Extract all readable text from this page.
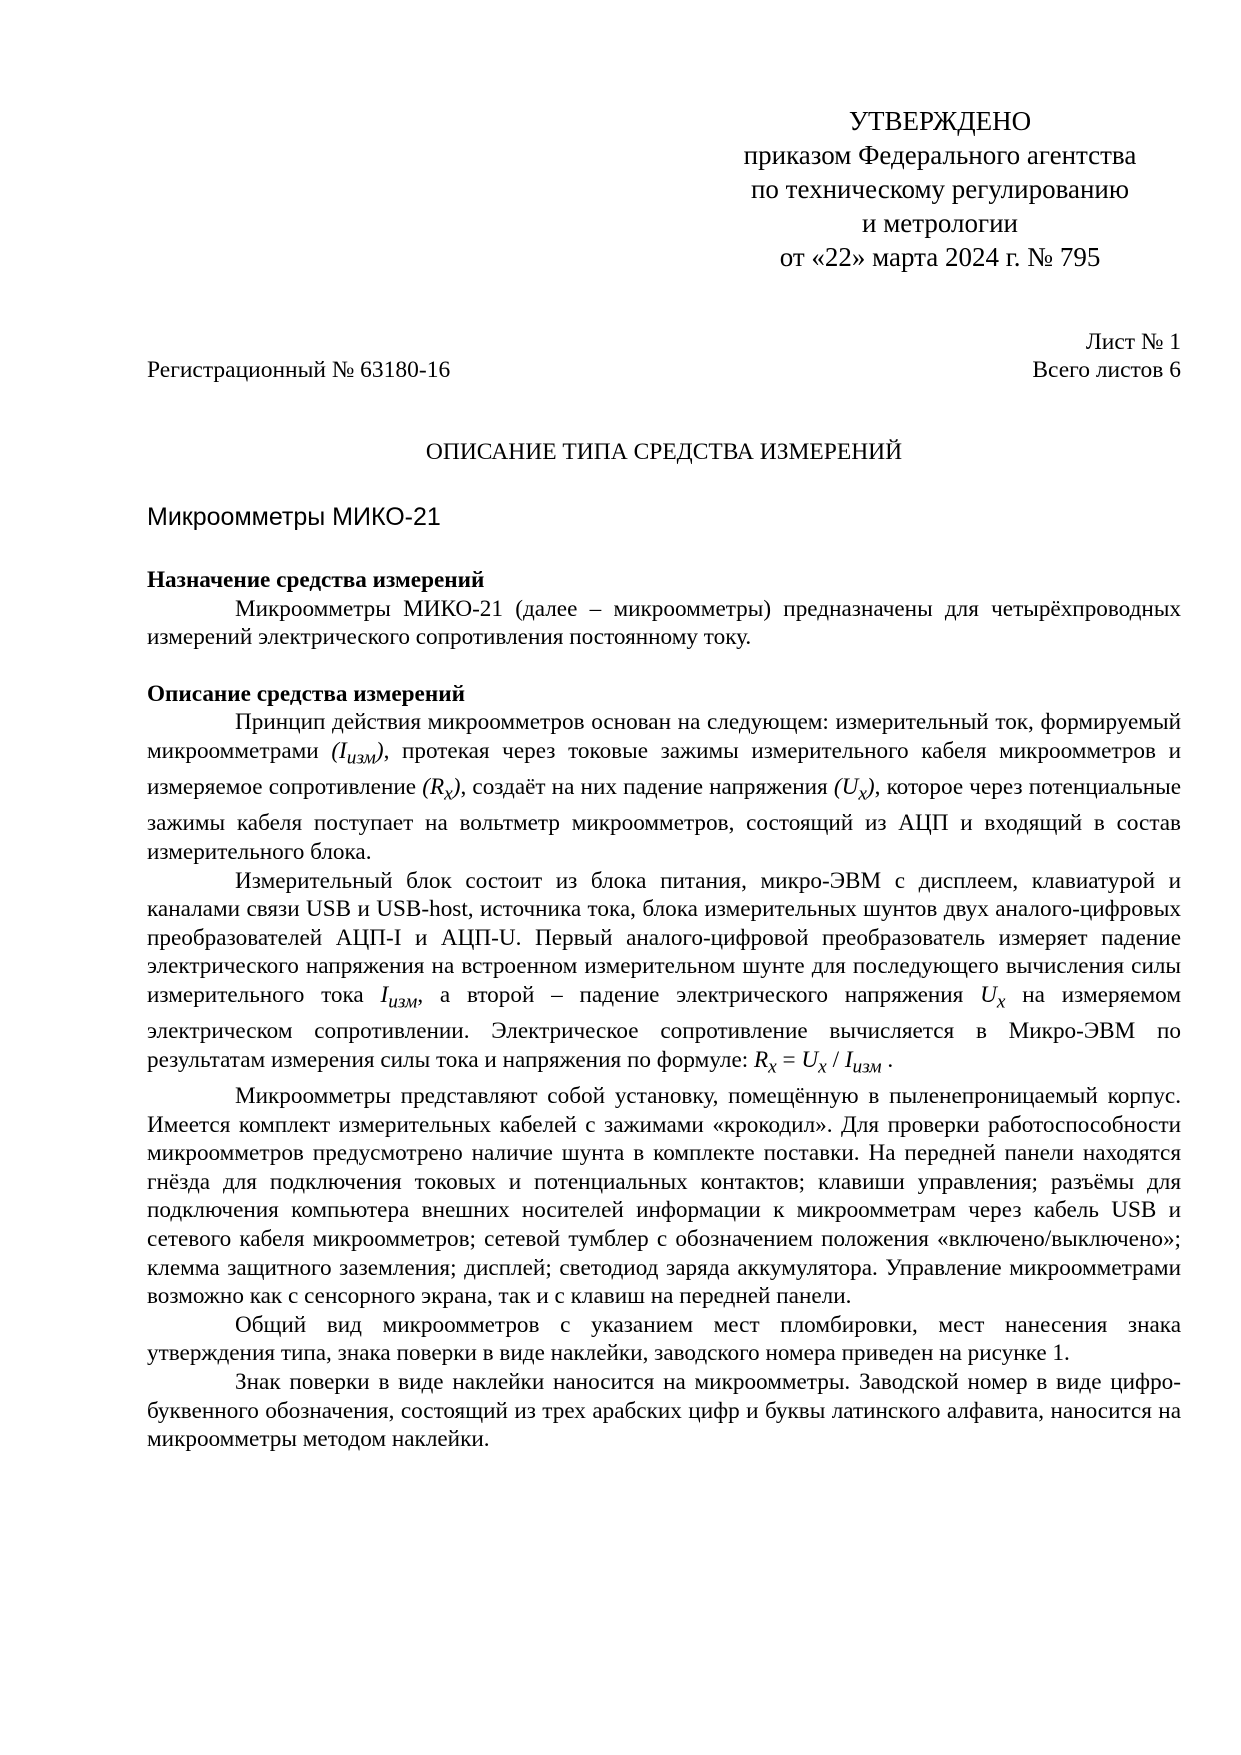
УТВЕРЖДЕНО
приказом Федерального агентства
по техническому регулированию
и метрологии
от «22» марта 2024 г. № 795
Лист № 1
Регистрационный № 63180-16	Всего листов 6
ОПИСАНИЕ ТИПА СРЕДСТВА ИЗМЕРЕНИЙ
Микроомметры МИКО-21
Назначение средства измерений

Микроомметры МИКО-21 (далее – микроомметры) предназначены для четырёхпроводных измерений электрического сопротивления постоянному току.

Описание средства измерений

Принцип действия микроомметров основан на следующем: измерительный ток, формируемый микроомметрами $(I_{изм})$, протекая через токовые зажимы измерительного кабеля микроомметров и измеряемое сопротивление $(R_x)$, создаёт на них падение напряжения $(U_x)$, которое через потенциальные зажимы кабеля поступает на вольтметр микроомметров, состоящий из АЦП и входящий в состав измерительного блока.

Измерительный блок состоит из блока питания, микро-ЭВМ с дисплеем, клавиатурой и каналами связи USB и USB-host, источника тока, блока измерительных шунтов двух аналого-цифровых преобразователей АЦП-I и АЦП-U. Первый аналого-цифровой преобразователь измеряет падение электрического напряжения на встроенном измерительном шунте для последующего вычисления силы измерительного тока $I_{изм}$, а второй – падение электрического напряжения $U_x$ на измеряемом электрическом сопротивлении. Электрическое сопротивление вычисляется в Микро-ЭВМ по результатам измерения силы тока и напряжения по формуле: $R_x = U_x / I_{изм}$ .

Микроомметры представляют собой установку, помещённую в пыленепроницаемый корпус. Имеется комплект измерительных кабелей с зажимами «крокодил». Для проверки работоспособности микроомметров предусмотрено наличие шунта в комплекте поставки. На передней панели находятся гнёзда для подключения токовых и потенциальных контактов; клавиши управления; разъёмы для подключения компьютера внешних носителей информации к микроомметрам через кабель USB и сетевого кабеля микроомметров; сетевой тумблер с обозначением положения «включено/выключено»; клемма защитного заземления; дисплей; светодиод заряда аккумулятора. Управление микроомметрами возможно как с сенсорного экрана, так и с клавиш на передней панели.

Общий вид микроомметров с указанием мест пломбировки, мест нанесения знака утверждения типа, знака поверки в виде наклейки, заводского номера приведен на рисунке 1.

Знак поверки в виде наклейки наносится на микроомметры. Заводской номер в виде цифро-буквенного обозначения, состоящий из трех арабских цифр и буквы латинского алфавита, наносится на микроомметры методом наклейки.
